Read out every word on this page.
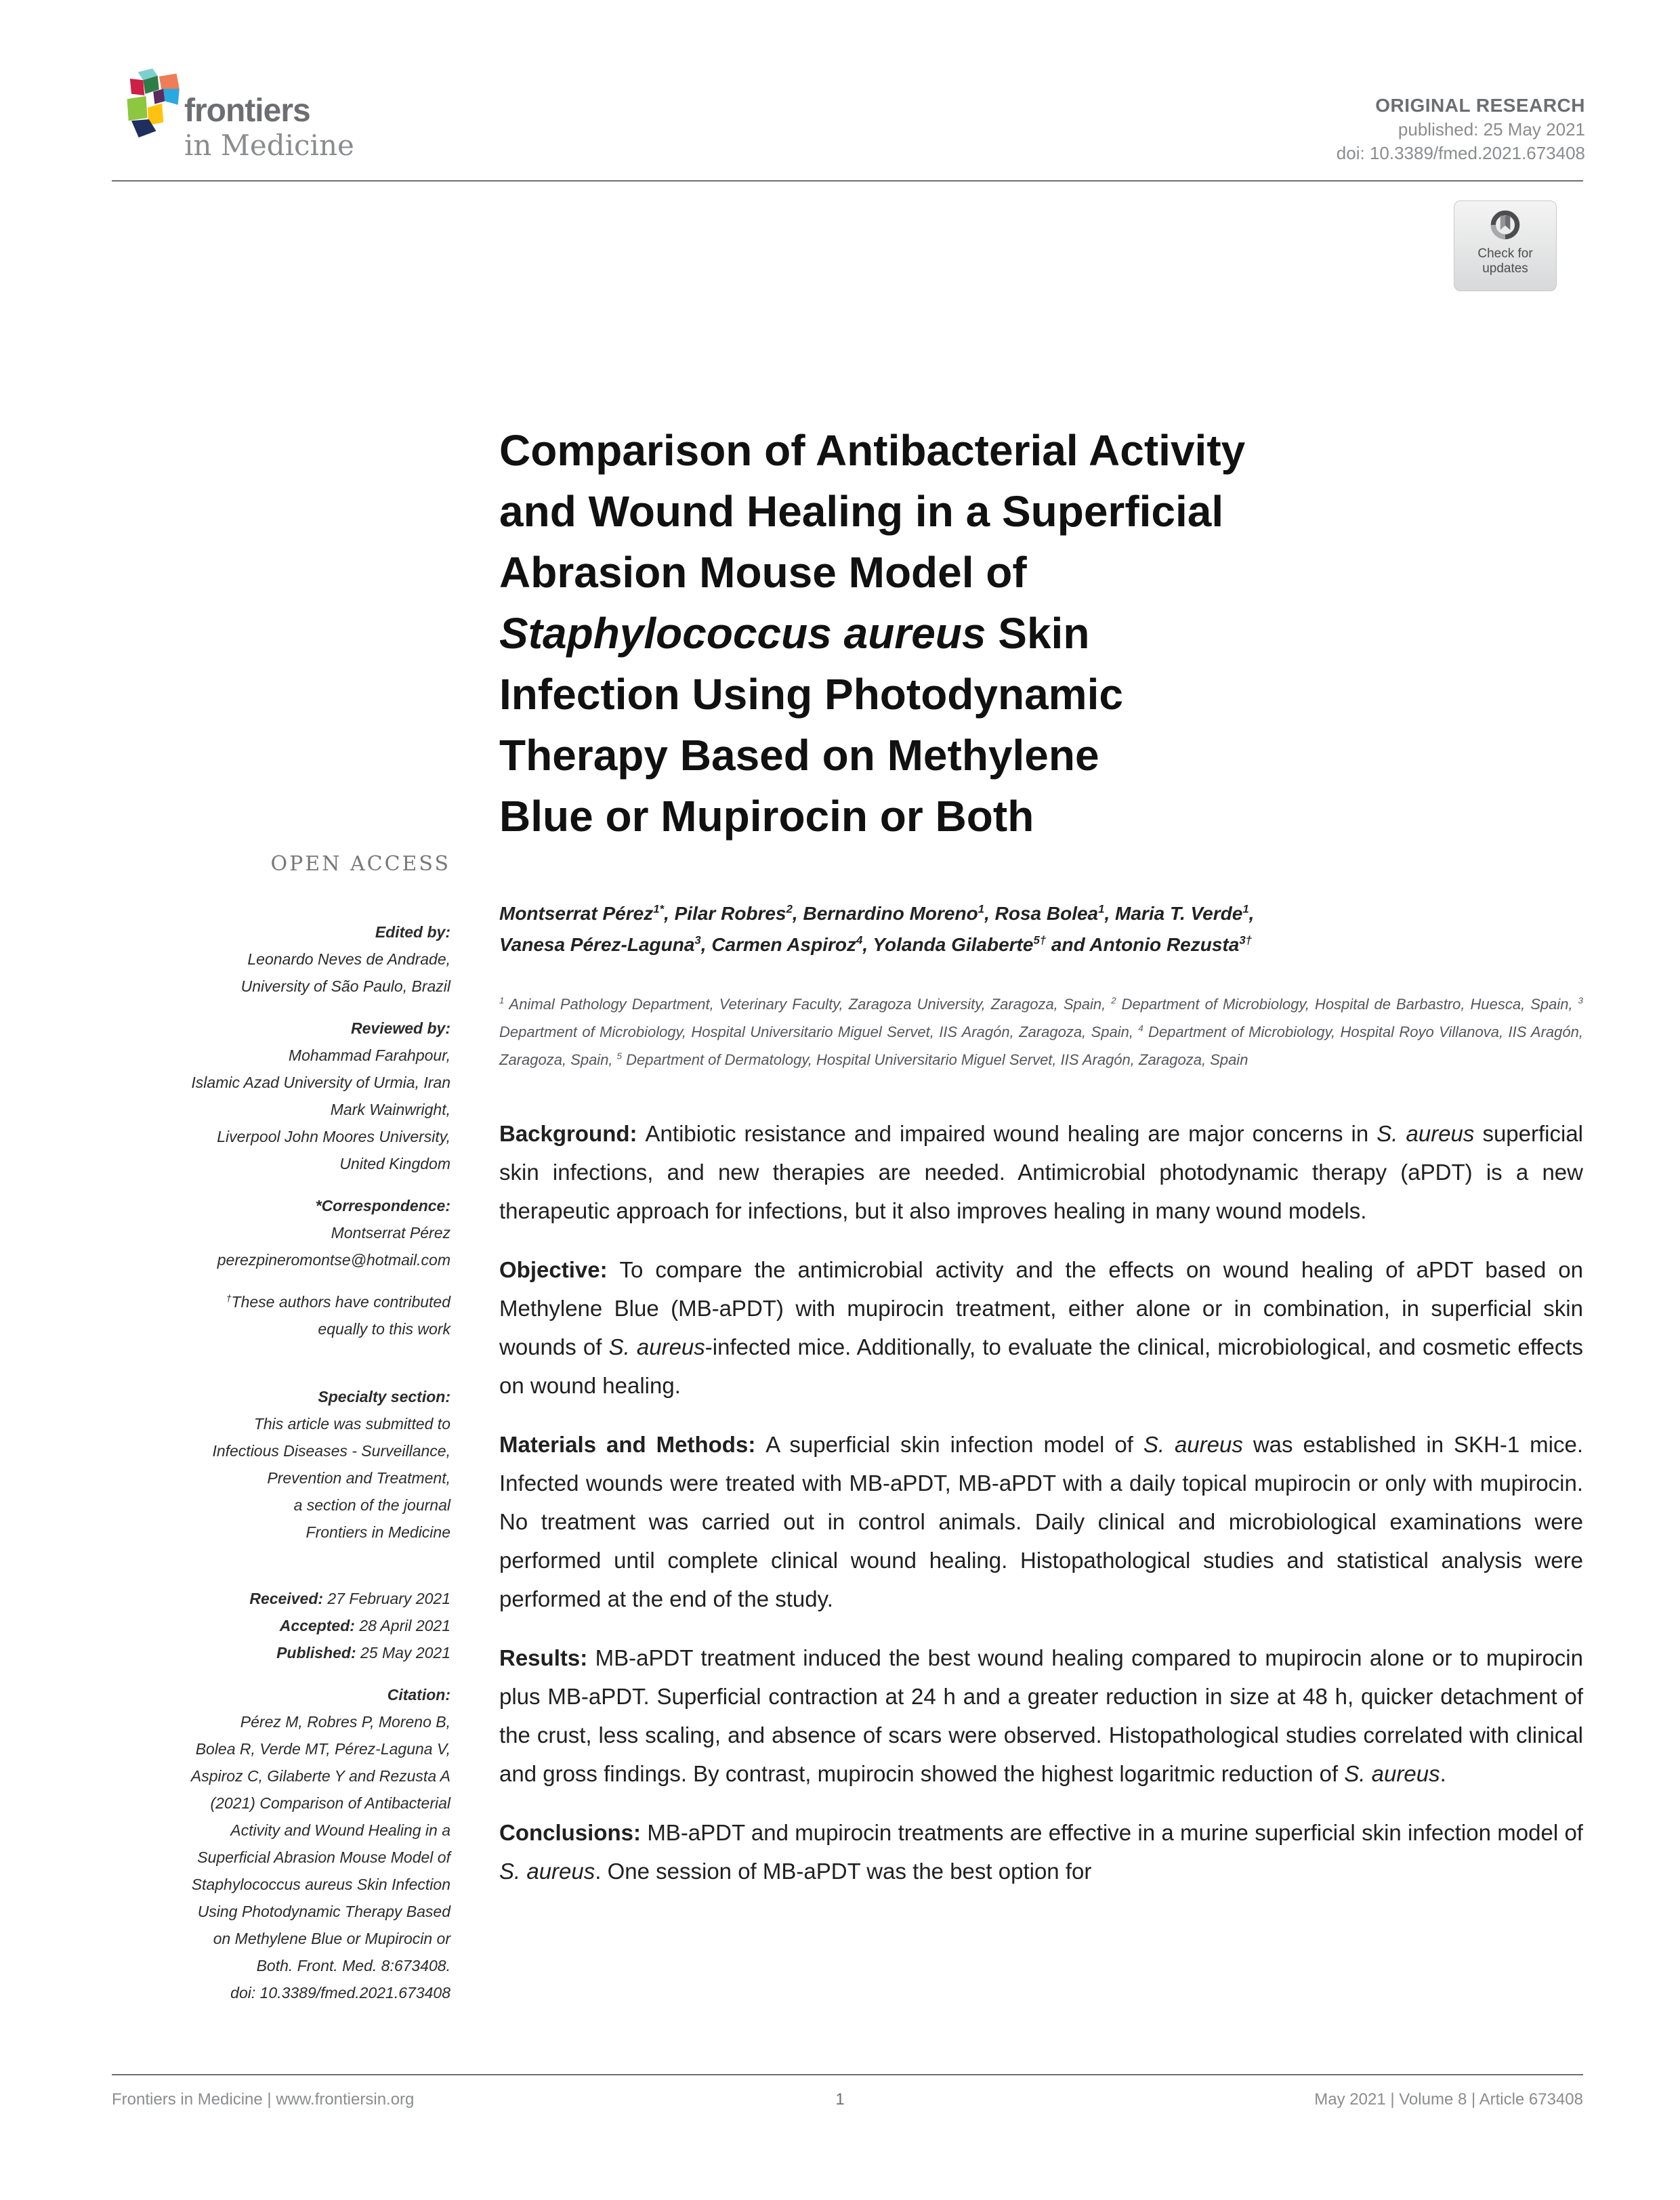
frontiers
in Medicine
ORIGINAL RESEARCH
published: 25 May 2021
doi: 10.3389/fmed.2021.673408
Check for
updates
OPEN ACCESS
Edited by:
Leonardo Neves de Andrade,
University of São Paulo, Brazil
Reviewed by:
Mohammad Farahpour,
Islamic Azad University of Urmia, Iran
Mark Wainwright,
Liverpool John Moores University,
United Kingdom
*Correspondence:
Montserrat Pérez
perezpineromontse@hotmail.com
†These authors have contributed
equally to this work
Specialty section:
This article was submitted to
Infectious Diseases - Surveillance,
Prevention and Treatment,
a section of the journal
Frontiers in Medicine
Received: 27 February 2021
Accepted: 28 April 2021
Published: 25 May 2021
Citation:
Pérez M, Robres P, Moreno B,
Bolea R, Verde MT, Pérez-Laguna V,
Aspiroz C, Gilaberte Y and Rezusta A
(2021) Comparison of Antibacterial
Activity and Wound Healing in a
Superficial Abrasion Mouse Model of
Staphylococcus aureus Skin Infection
Using Photodynamic Therapy Based
on Methylene Blue or Mupirocin or
Both. Front. Med. 8:673408.
doi: 10.3389/fmed.2021.673408
Comparison of Antibacterial Activity
and Wound Healing in a Superficial
Abrasion Mouse Model of
Staphylococcus aureus Skin
Infection Using Photodynamic
Therapy Based on Methylene
Blue or Mupirocin or Both
Montserrat Pérez$^{1*}$, Pilar Robres$^2$, Bernardino Moreno$^1$, Rosa Bolea$^1$, Maria T. Verde$^1$,
Vanesa Pérez-Laguna$^3$, Carmen Aspiroz$^4$, Yolanda Gilaberte$^{5\dagger}$ and Antonio Rezusta$^{3\dagger}$
$^1$ Animal Pathology Department, Veterinary Faculty, Zaragoza University, Zaragoza, Spain, $^2$ Department of Microbiology, Hospital de Barbastro, Huesca, Spain, $^3$ Department of Microbiology, Hospital Universitario Miguel Servet, IIS Aragón, Zaragoza, Spain, $^4$ Department of Microbiology, Hospital Royo Villanova, IIS Aragón, Zaragoza, Spain, $^5$ Department of Dermatology, Hospital Universitario Miguel Servet, IIS Aragón, Zaragoza, Spain

Background: Antibiotic resistance and impaired wound healing are major concerns in S. aureus superficial skin infections, and new therapies are needed. Antimicrobial photodynamic therapy (aPDT) is a new therapeutic approach for infections, but it also improves healing in many wound models.

Objective: To compare the antimicrobial activity and the effects on wound healing of aPDT based on Methylene Blue (MB-aPDT) with mupirocin treatment, either alone or in combination, in superficial skin wounds of S. aureus-infected mice. Additionally, to evaluate the clinical, microbiological, and cosmetic effects on wound healing.

Materials and Methods: A superficial skin infection model of S. aureus was established in SKH-1 mice. Infected wounds were treated with MB-aPDT, MB-aPDT with a daily topical mupirocin or only with mupirocin. No treatment was carried out in control animals. Daily clinical and microbiological examinations were performed until complete clinical wound healing. Histopathological studies and statistical analysis were performed at the end of the study.

Results: MB-aPDT treatment induced the best wound healing compared to mupirocin alone or to mupirocin plus MB-aPDT. Superficial contraction at 24 h and a greater reduction in size at 48 h, quicker detachment of the crust, less scaling, and absence of scars were observed. Histopathological studies correlated with clinical and gross findings. By contrast, mupirocin showed the highest logaritmic reduction of S. aureus.

Conclusions: MB-aPDT and mupirocin treatments are effective in a murine superficial skin infection model of S. aureus. One session of MB-aPDT was the best option for

Frontiers in Medicine | www.frontiersin.org	1	May 2021 | Volume 8 | Article 673408
